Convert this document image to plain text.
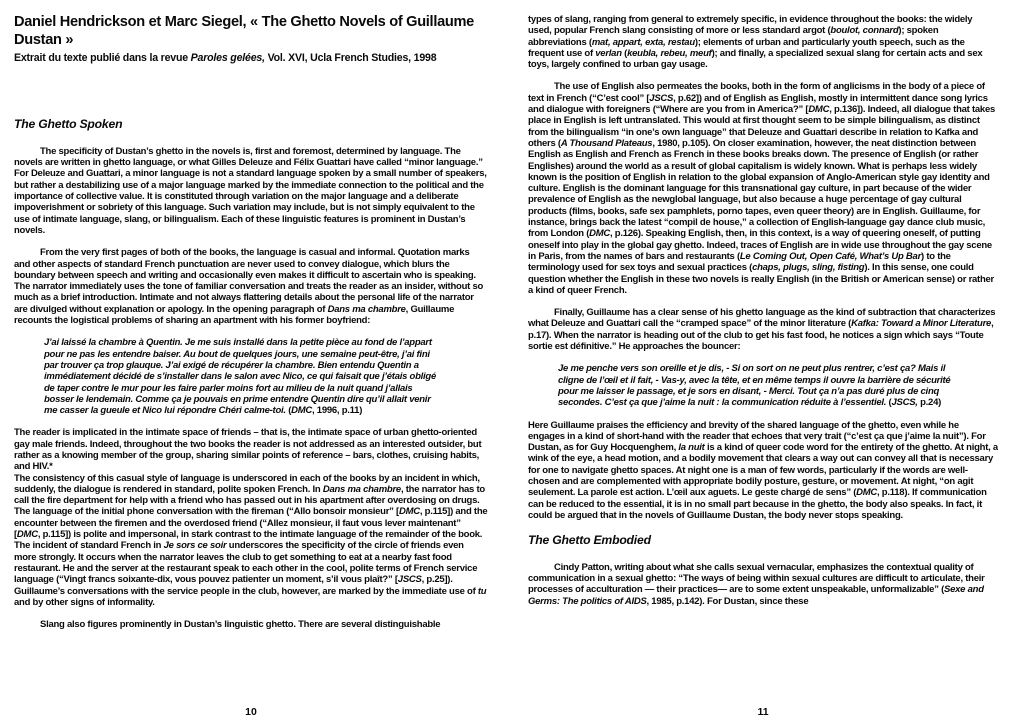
Daniel Hendrickson et Marc Siegel, « The Ghetto Novels of Guillaume Dustan »
Extrait du texte publié dans la revue Paroles gelées, Vol. XVI, Ucla French Studies, 1998
The Ghetto Spoken

The specificity of Dustan’s ghetto in the novels is, first and foremost, determined by language. The novels are written in ghetto language, or what Gilles Deleuze and Félix Guattari have called “minor language.” For Deleuze and Guattari, a minor language is not a standard language spoken by a small number of speakers, but rather a destabilizing use of a major language marked by the immediate connection to the political and the importance of collective value. It is constituted through variation on the major language and a deliberate impoverishment or sobriety of this language. Such variation may include, but is not simply equivalent to the use of intimate language, slang, or bilingualism. Each of these linguistic features is prominent in Dustan’s novels.

From the very first pages of both of the books, the language is casual and informal. Quotation marks and other aspects of standard French punctuation are never used to convey dialogue, which blurs the boundary between speech and writing and occasionally even makes it difficult to ascertain who is speaking. The narrator immediately uses the tone of familiar conversation and treats the reader as an insider, without so much as a brief introduction. Intimate and not always flattering details about the personal life of the narrator are divulged without explanation or apology. In the opening paragraph of Dans ma chambre, Guillaume recounts the logistical problems of sharing an apartment with his former boyfriend:

J’ai laissé la chambre à Quentin. Je me suis installé dans la petite pièce au fond de l’appart pour ne pas les entendre baiser. Au bout de quelques jours, une semaine peut-être, j’ai fini par trouver ça trop glauque. J’ai exigé de récupérer la chambre. Bien entendu Quentin a immédiatement décidé de s’installer dans le salon avec Nico, ce qui faisait que j’étais obligé de taper contre le mur pour les faire parler moins fort au milieu de la nuit quand j’allais bosser le lendemain. Comme ça je pouvais en prime entendre Quentin dire qu’il allait venir me casser la gueule et Nico lui répondre Chéri calme-toi. (DMC, 1996, p.11)

The reader is implicated in the intimate space of friends – that is, the intimate space of urban ghetto-oriented gay male friends. Indeed, throughout the two books the reader is not addressed as an interested outsider, but rather as a knowing member of the group, sharing similar points of reference – bars, clothes, cruising habits, and HIV.*

The consistency of this casual style of language is underscored in each of the books by an incident in which, suddenly, the dialogue is rendered in standard, polite spoken French. In Dans ma chambre, the narrator has to call the fire department for help with a friend who has passed out in his apartment after overdosing on drugs. The language of the initial phone conversation with the fireman (“Allo bonsoir monsieur” [DMC, p.115]) and the encounter between the firemen and the overdosed friend (“Allez monsieur, il faut vous lever maintenant” [DMC, p.115]) is polite and impersonal, in stark contrast to the intimate language of the remainder of the book. The incident of standard French in Je sors ce soir underscores the specificity of the circle of friends even more strongly. It occurs when the narrator leaves the club to get something to eat at a nearby fast food restaurant. He and the server at the restaurant speak to each other in the cool, polite terms of French service language (“Vingt francs soixante-dix, vous pouvez patienter un moment, s’il vous plaît?” [JSCS, p.25]). Guillaume’s conversations with the service people in the club, however, are marked by the immediate use of tu and by other signs of informality.

Slang also figures prominently in Dustan’s linguistic ghetto. There are several distinguishable

10

types of slang, ranging from general to extremely specific, in evidence throughout the books: the widely used, popular French slang consisting of more or less standard argot (boulot, connard); spoken abbreviations (mat, appart, exta, restau); elements of urban and particularly youth speech, such as the frequent use of verlan (keubla, rebeu, meuf); and finally, a specialized sexual slang for certain acts and sex toys, largely confined to urban gay usage.

The use of English also permeates the books, both in the form of anglicisms in the body of a piece of text in French (“C’est cool” [JSCS, p.62]) and of English as English, mostly in intermittent dance song lyrics and dialogue with foreigners (“Where are you from in America?” [DMC, p.136]). Indeed, all dialogue that takes place in English is left untranslated. This would at first thought seem to be simple bilingualism, as distinct from the bilingualism “in one’s own language” that Deleuze and Guattari describe in relation to Kafka and others (A Thousand Plateaus, 1980, p.105). On closer examination, however, the neat distinction between English as English and French as French in these books breaks down. The presence of English (or rather Englishes) around the world as a result of global capitalism is widely known. What is perhaps less widely known is the position of English in relation to the global expansion of Anglo-American style gay identity and culture. English is the dominant language for this transnational gay culture, in part because of the wider prevalence of English as the newglobal language, but also because a huge percentage of gay cultural products (films, books, safe sex pamphlets, porno tapes, even queer theory) are in English. Guillaume, for instance, brings back the latest “compil de house,” a collection of English-language gay dance club music, from London (DMC, p.126). Speaking English, then, in this context, is a way of queering oneself, of putting oneself into play in the global gay ghetto. Indeed, traces of English are in wide use throughout the gay scene in Paris, from the names of bars and restaurants (Le Coming Out, Open Café, What’s Up Bar) to the terminology used for sex toys and sexual practices (chaps, plugs, sling, fisting). In this sense, one could question whether the English in these two novels is really English (in the British or American sense) or rather a kind of queer French.

Finally, Guillaume has a clear sense of his ghetto language as the kind of subtraction that characterizes what Deleuze and Guattari call the “cramped space” of the minor literature (Kafka: Toward a Minor Literature, p.17). When the narrator is heading out of the club to get his fast food, he notices a sign which says “Toute sortie est définitive.” He approaches the bouncer:

Je me penche vers son oreille et je dis, - Si on sort on ne peut plus rentrer, c’est ça? Mais il cligne de l’œil et il fait, - Vas-y, avec la tête, et en même temps il ouvre la barrière de sécurité pour me laisser le passage, et je sors en disant, - Merci. Tout ça n’a pas duré plus de cinq secondes. C’est ça que j’aime la nuit : la communication réduite à l’essentiel. (JSCS, p.24)

Here Guillaume praises the efficiency and brevity of the shared language of the ghetto, even while he engages in a kind of short-hand with the reader that echoes that very trait (“c’est ça que j’aime la nuit”). For Dustan, as for Guy Hocquenghem, la nuit is a kind of queer code word for the entirety of the ghetto. At night, a wink of the eye, a head motion, and a bodily movement that clears a way out can convey all that is necessary for one to navigate ghetto spaces. At night one is a man of few words, particularly if the words are well-chosen and are complemented with appropriate bodily posture, gesture, or movement. At night, “on agit seulement. La parole est action. L’œil aux aguets. Le geste chargé de sens” (DMC, p.118). If communication can be reduced to the essential, it is in no small part because in the ghetto, the body also speaks. In fact, it could be argued that in the novels of Guillaume Dustan, the body never stops speaking.

The Ghetto Embodied

Cindy Patton, writing about what she calls sexual vernacular, emphasizes the contextual quality of communication in a sexual ghetto: “The ways of being within sexual cultures are difficult to articulate, their processes of acculturation — their practices— are to some extent unspeakable, unformalizable” (Sexe and Germs: The politics of AIDS, 1985, p.142). For Dustan, since these

11
